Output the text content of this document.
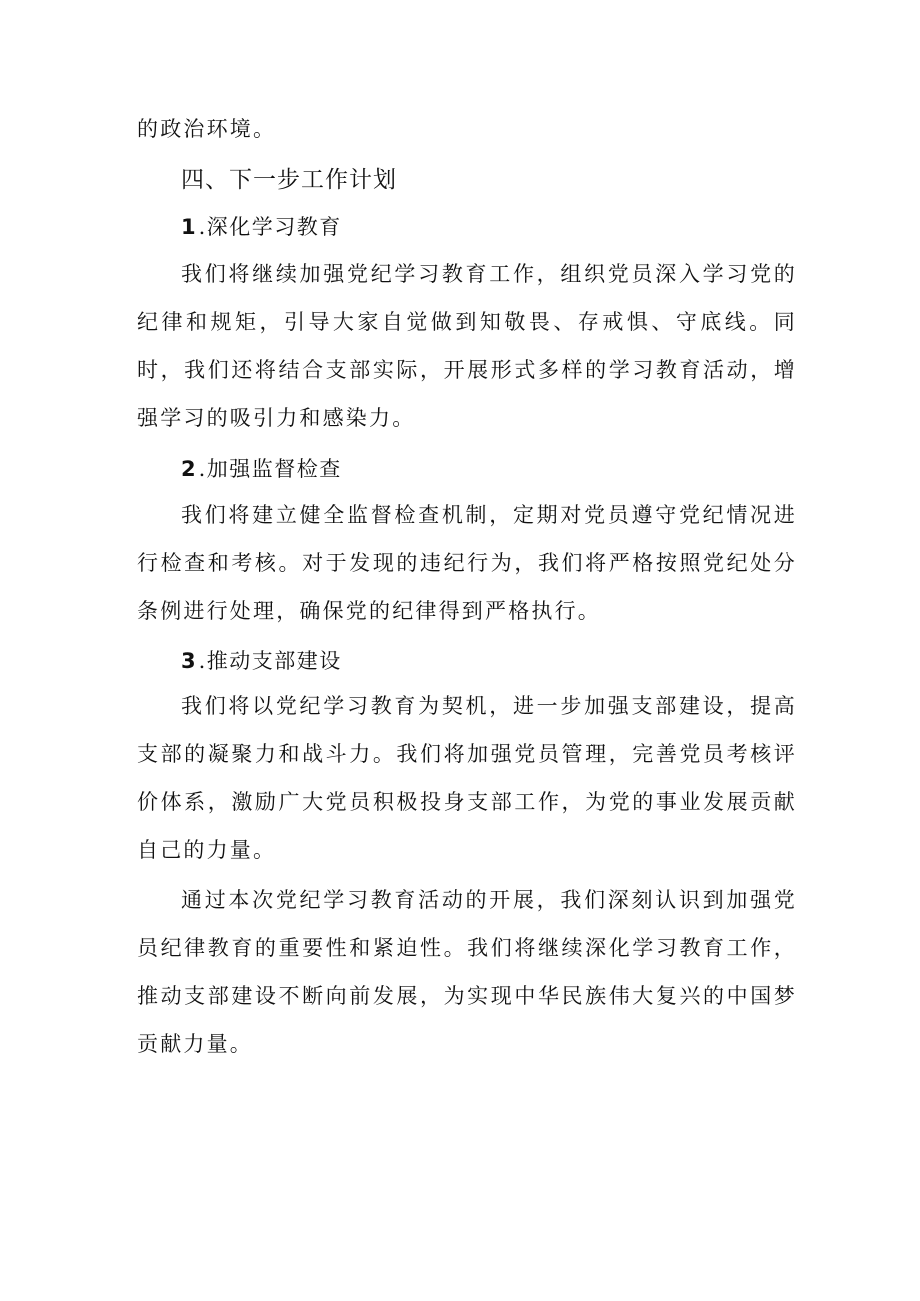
的政治环境。

四、下一步工作计划

1.深化学习教育

我们将继续加强党纪学习教育工作，组织党员深入学习党的纪律和规矩，引导大家自觉做到知敬畏、存戒惧、守底线。同时，我们还将结合支部实际，开展形式多样的学习教育活动，增强学习的吸引力和感染力。

2.加强监督检查

我们将建立健全监督检查机制，定期对党员遵守党纪情况进行检查和考核。对于发现的违纪行为，我们将严格按照党纪处分条例进行处理，确保党的纪律得到严格执行。

3.推动支部建设

我们将以党纪学习教育为契机，进一步加强支部建设，提高支部的凝聚力和战斗力。我们将加强党员管理，完善党员考核评价体系，激励广大党员积极投身支部工作，为党的事业发展贡献自己的力量。

通过本次党纪学习教育活动的开展，我们深刻认识到加强党员纪律教育的重要性和紧迫性。我们将继续深化学习教育工作，推动支部建设不断向前发展，为实现中华民族伟大复兴的中国梦贡献力量。
